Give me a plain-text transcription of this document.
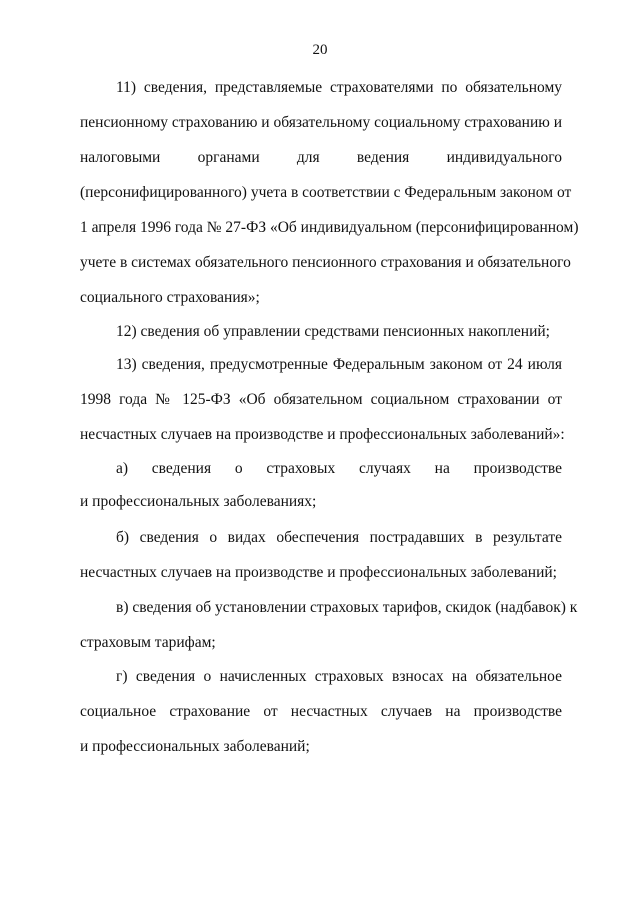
20
11) сведения, представляемые страхователями по обязательному
пенсионному страхованию и обязательному социальному страхованию и
налоговыми органами для ведения индивидуального
(персонифицированного) учета в соответствии с Федеральным законом от
1 апреля 1996 года № 27-ФЗ «Об индивидуальном (персонифицированном)
учете в системах обязательного пенсионного страхования и обязательного
социального страхования»;
12) сведения об управлении средствами пенсионных накоплений;
13) сведения, предусмотренные Федеральным законом от 24 июля
1998 года № 125-ФЗ «Об обязательном социальном страховании от
несчастных случаев на производстве и профессиональных заболеваний»:
а) сведения о страховых случаях на производстве
и профессиональных заболеваниях;
б) сведения о видах обеспечения пострадавших в результате
несчастных случаев на производстве и профессиональных заболеваний;
в) сведения об установлении страховых тарифов, скидок (надбавок) к
страховым тарифам;
г) сведения о начисленных страховых взносах на обязательное
социальное страхование от несчастных случаев на производстве
и профессиональных заболеваний;
